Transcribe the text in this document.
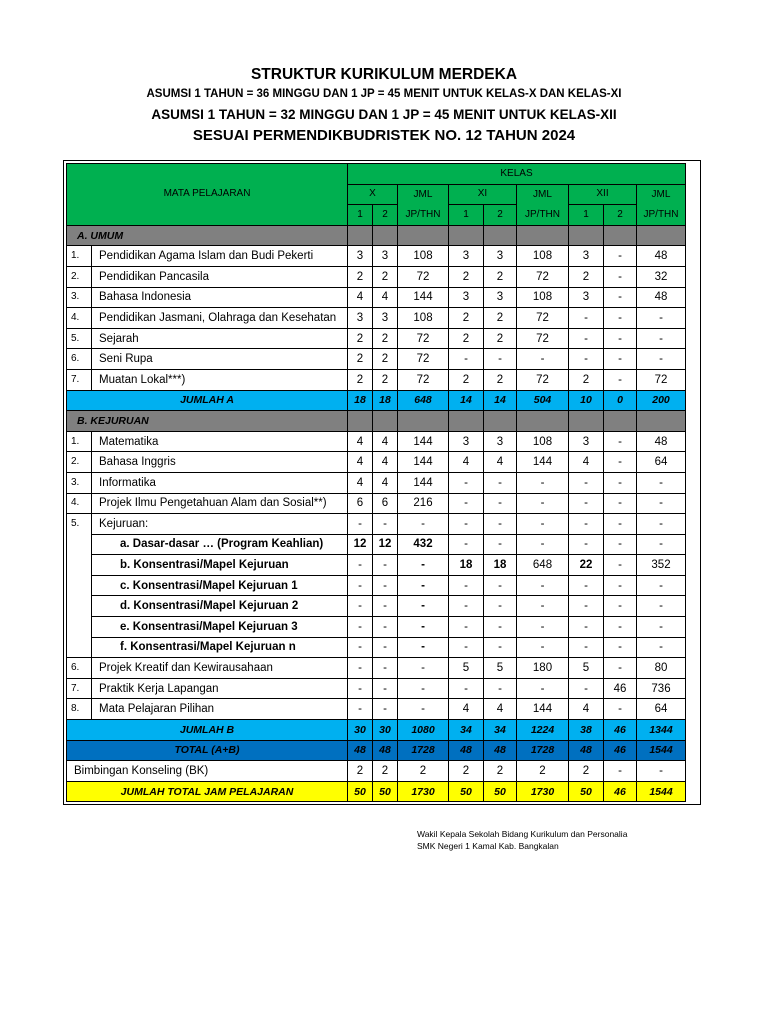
STRUKTUR KURIKULUM MERDEKA
ASUMSI 1 TAHUN = 36 MINGGU DAN 1 JP = 45 MENIT UNTUK KELAS-X DAN KELAS-XI
ASUMSI 1 TAHUN = 32 MINGGU DAN 1 JP = 45 MENIT UNTUK KELAS-XII
SESUAI PERMENDIKBUDRISTEK NO. 12 TAHUN 2024
MATA PELAJARAN		KELAS								
		X		JML	XI		JML	XII		JML
		1	2	JP/THN	1	2	JP/THN	1	2	JP/THN
A. UMUM										
1.	Pendidikan Agama Islam dan Budi Pekerti	3	3	108	3	3	108	3	-	48
2.	Pendidikan Pancasila	2	2	72	2	2	72	2	-	32
3.	Bahasa Indonesia	4	4	144	3	3	108	3	-	48
4.	Pendidikan Jasmani, Olahraga dan Kesehatan	3	3	108	2	2	72	-	-	-
5.	Sejarah	2	2	72	2	2	72	-	-	-
6.	Seni Rupa	2	2	72	-	-	-	-	-	-
7.	Muatan Lokal***)	2	2	72	2	2	72	2	-	72
JUMLAH A		18	18	648	14	14	504	10	0	200
B. KEJURUAN										
1.	Matematika	4	4	144	3	3	108	3	-	48
2.	Bahasa Inggris	4	4	144	4	4	144	4	-	64
3.	Informatika	4	4	144	-	-	-	-	-	-
4.	Projek Ilmu Pengetahuan Alam dan Sosial**)	6	6	216	-	-	-	-	-	-
5.	Kejuruan:	-	-	-	-	-	-	-	-	-
	a. Dasar-dasar … (Program Keahlian)	12	12	432	-	-	-	-	-	-
	b. Konsentrasi/Mapel Kejuruan	-	-	-	18	18	648	22	-	352
	c. Konsentrasi/Mapel Kejuruan 1	-	-	-	-	-	-	-	-	-
	d. Konsentrasi/Mapel Kejuruan 2	-	-	-	-	-	-	-	-	-
	e. Konsentrasi/Mapel Kejuruan 3	-	-	-	-	-	-	-	-	-
	f. Konsentrasi/Mapel Kejuruan n	-	-	-	-	-	-	-	-	-
6.	Projek Kreatif dan Kewirausahaan	-	-	-	5	5	180	5	-	80
7.	Praktik Kerja Lapangan	-	-	-	-	-	-	-	46	736
8.	Mata Pelajaran Pilihan	-	-	-	4	4	144	4	-	64
JUMLAH B		30	30	1080	34	34	1224	38	46	1344
TOTAL (A+B)		48	48	1728	48	48	1728	48	46	1544
Bimbingan Konseling (BK)		2	2	2	2	2	2	2	-	-
JUMLAH TOTAL JAM PELAJARAN		50	50	1730	50	50	1730	50	46	1544
Wakil Kepala Sekolah Bidang Kurikulum dan Personalia
SMK Negeri 1 Kamal Kab. Bangkalan
